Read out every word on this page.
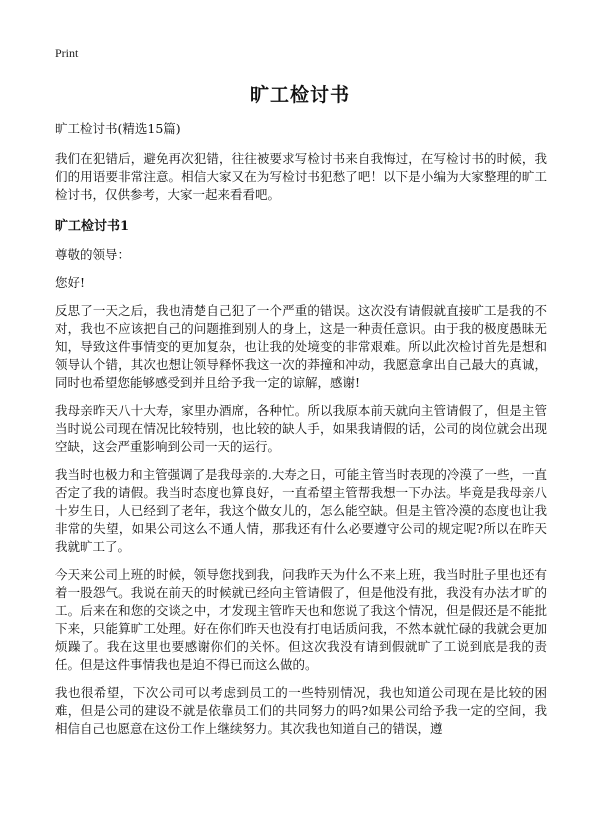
Print
旷工检讨书
旷工检讨书(精选15篇)
我们在犯错后，避免再次犯错，往往被要求写检讨书来自我悔过，在写检讨书的时候，我们的用语要非常注意。相信大家又在为写检讨书犯愁了吧！以下是小编为大家整理的旷工检讨书，仅供参考，大家一起来看看吧。
旷工检讨书1
尊敬的领导：
您好!
反思了一天之后，我也清楚自己犯了一个严重的错误。这次没有请假就直接旷工是我的不对，我也不应该把自己的问题推到别人的身上，这是一种责任意识。由于我的极度愚昧无知，导致这件事情变的更加复杂，也让我的处境变的非常艰难。所以此次检讨首先是想和领导认个错，其次也想让领导释怀我这一次的莽撞和冲动，我愿意拿出自己最大的真诚，同时也希望您能够感受到并且给予我一定的谅解，感谢!
我母亲昨天八十大寿，家里办酒席，各种忙。所以我原本前天就向主管请假了，但是主管当时说公司现在情况比较特别，也比较的缺人手，如果我请假的话，公司的岗位就会出现空缺，这会严重影响到公司一天的运行。
我当时也极力和主管强调了是我母亲的.大寿之日，可能主管当时表现的冷漠了一些，一直否定了我的请假。我当时态度也算良好，一直希望主管帮我想一下办法。毕竟是我母亲八十岁生日，人已经到了老年，我这个做女儿的，怎么能空缺。但是主管冷漠的态度也让我非常的失望，如果公司这么不通人情，那我还有什么必要遵守公司的规定呢?所以在昨天我就旷工了。
今天来公司上班的时候，领导您找到我，问我昨天为什么不来上班，我当时肚子里也还有着一股怨气。我说在前天的时候就已经向主管请假了，但是他没有批，我没有办法才旷的工。后来在和您的交谈之中，才发现主管昨天也和您说了我这个情况，但是假还是不能批下来，只能算旷工处理。好在你们昨天也没有打电话质问我，不然本就忙碌的我就会更加烦躁了。我在这里也要感谢你们的关怀。但这次我没有请到假就旷了工说到底是我的责任。但是这件事情我也是迫不得已而这么做的。
我也很希望，下次公司可以考虑到员工的一些特别情况，我也知道公司现在是比较的困难，但是公司的建设不就是依靠员工们的共同努力的吗?如果公司给予我一定的空间，我相信自己也愿意在这份工作上继续努力。其次我也知道自己的错误，遵
